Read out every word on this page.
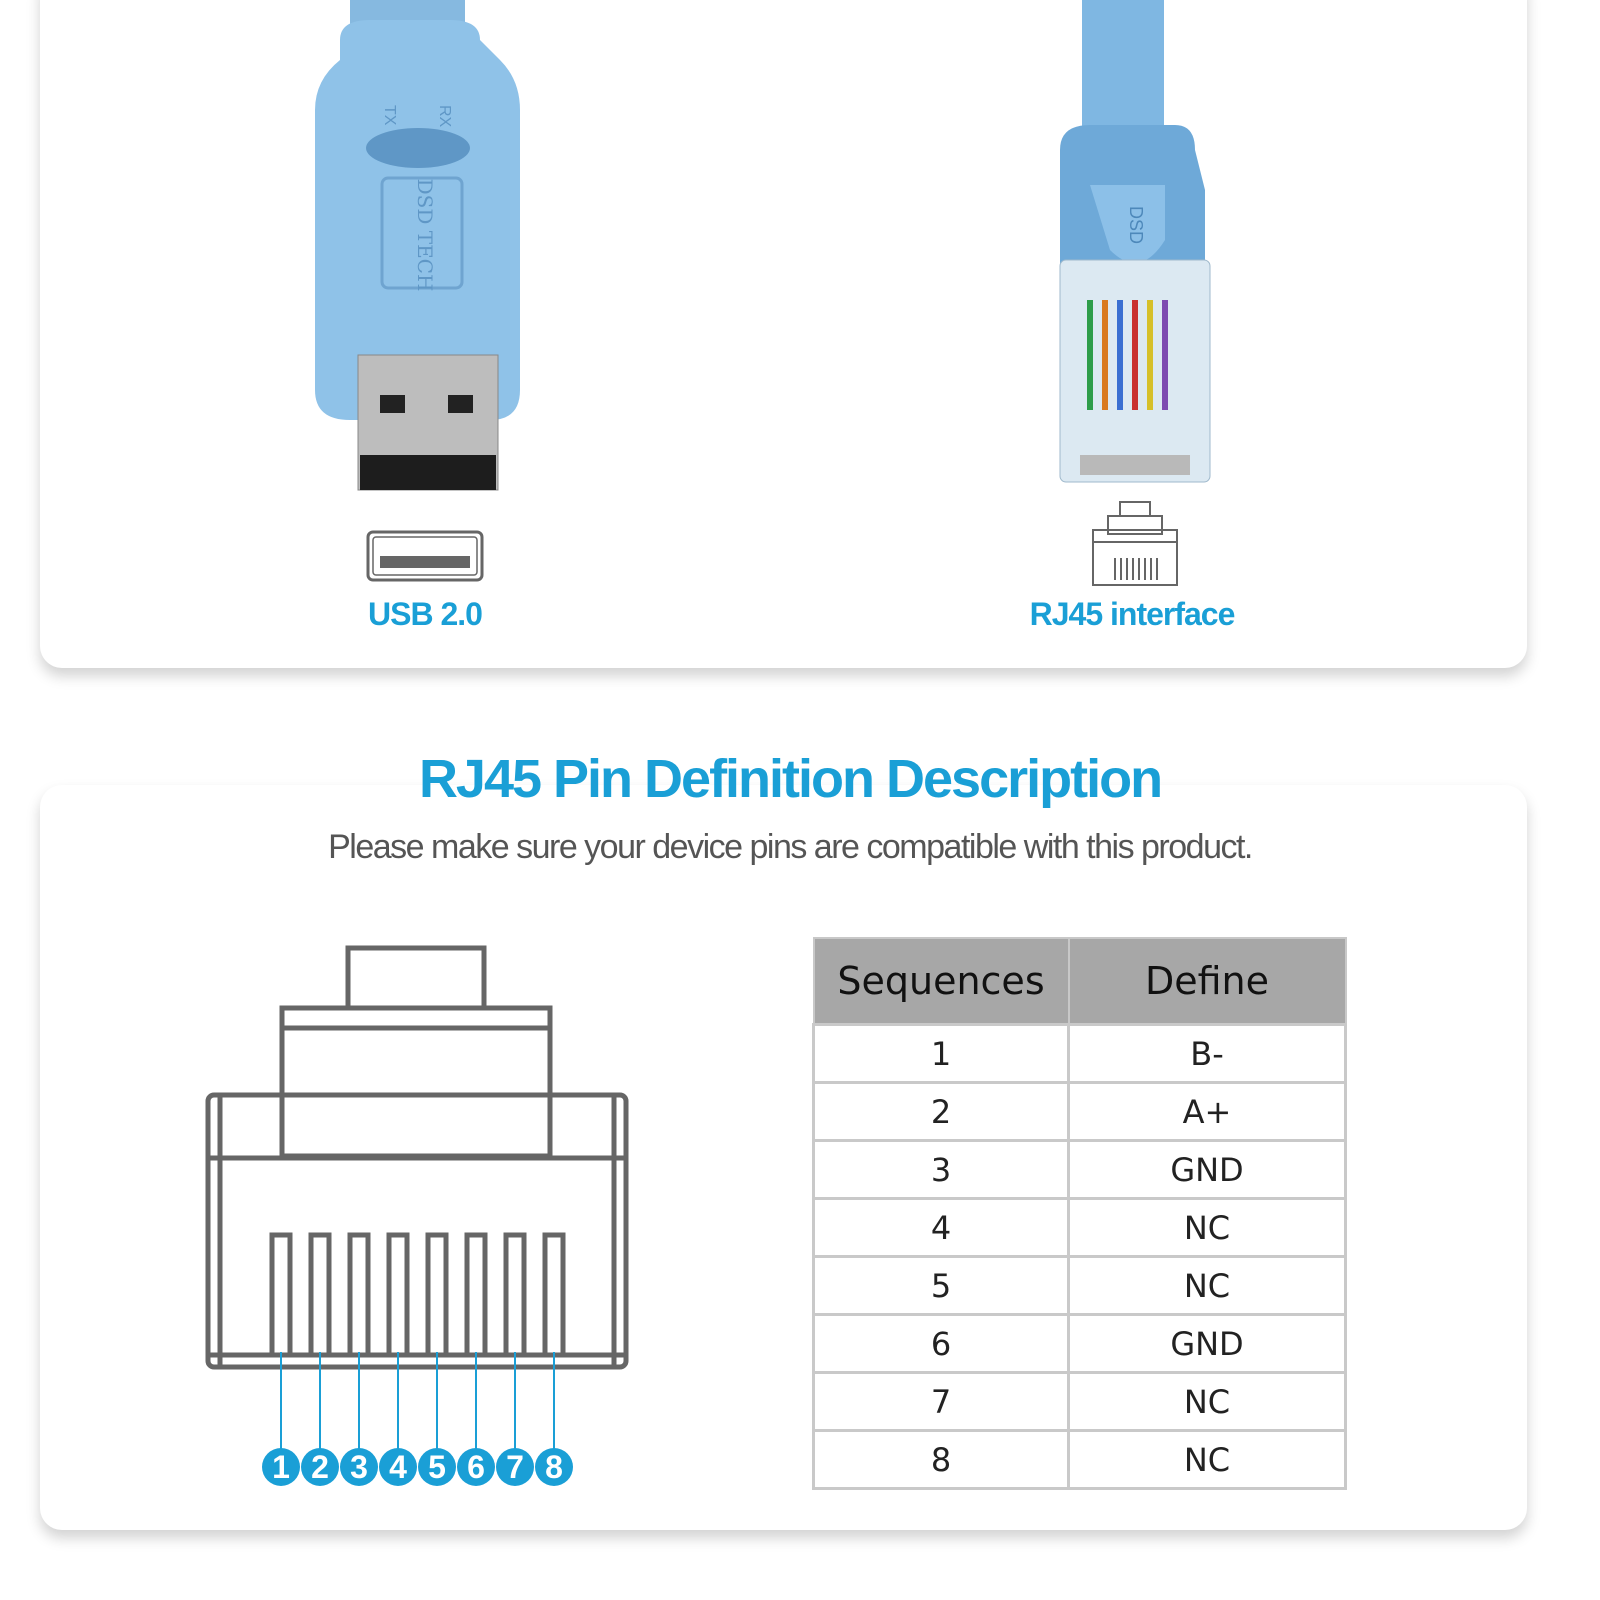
DSD TECH
TX RX
DSD
USB 2.0	RJ45 interface
RJ45 Pin Definition Description
Please make sure your device pins are compatible with this product.
1 2 3 4 5 6 7 8
Sequences	Define
1	B-
2	A+
3	GND
4	NC
5	NC
6	GND
7	NC
8	NC
